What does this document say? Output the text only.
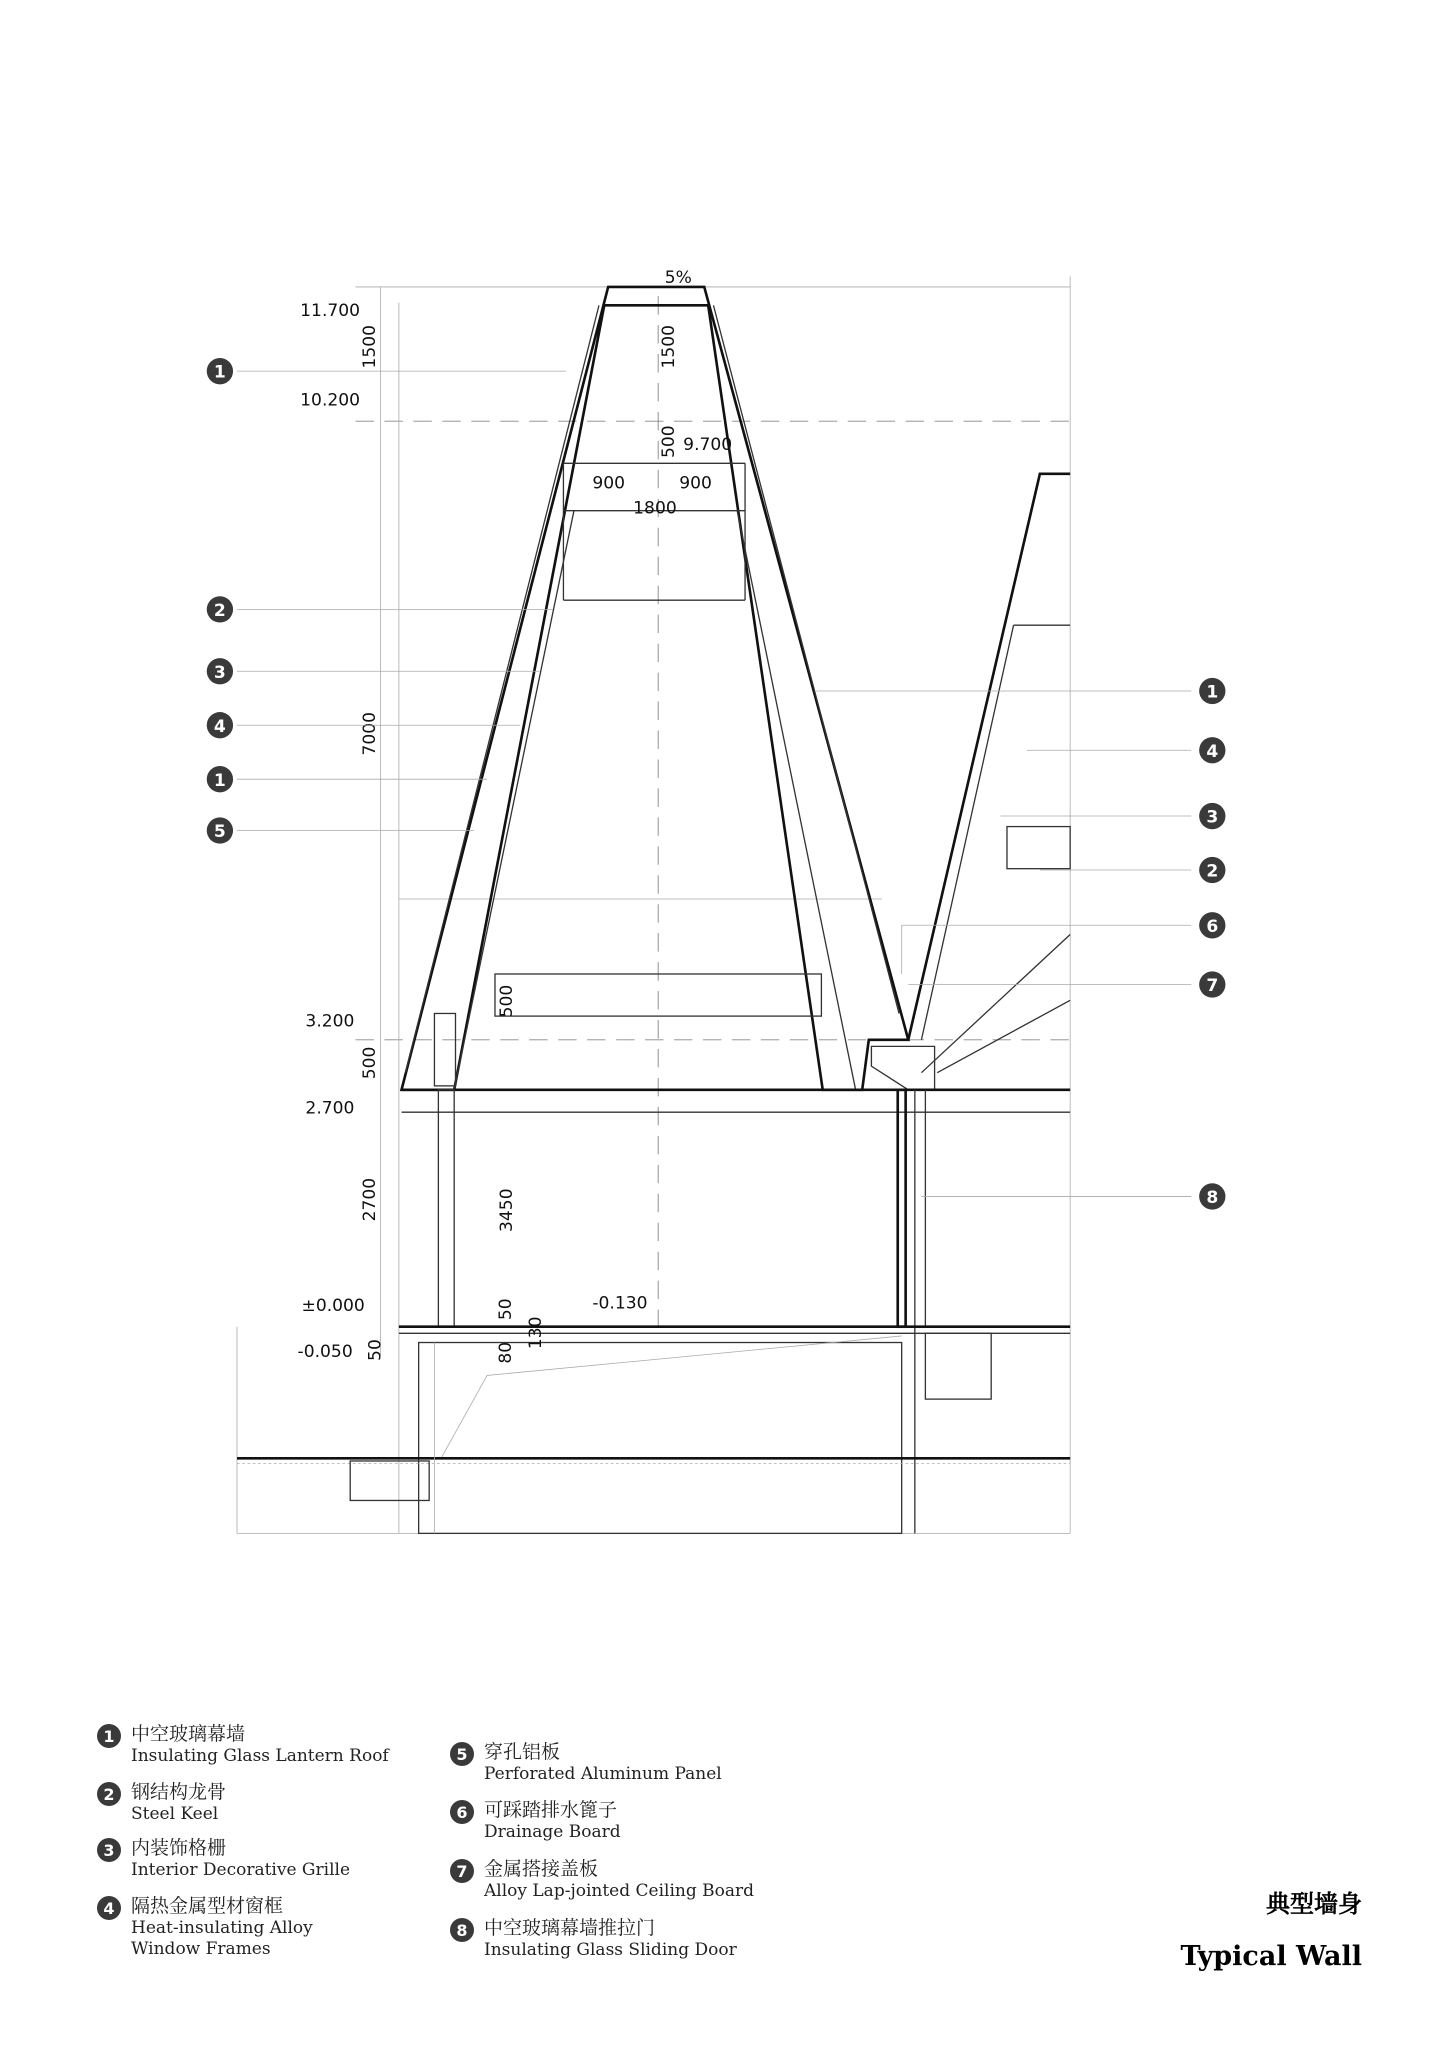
5%
11.700
10.200
9.700
3.200
2.700
±0.000
-0.050
-0.130
1500	1500
500
900	900
1800
7000
500
500
2700	3450
50	80
50
130
1
2
3
4
1
5
1
4
3
2
6
7
8
1 中空玻璃幕墙
Insulating Glass Lantern Roof
2 钢结构龙骨
Steel Keel
3 内装饰格栅
Interior Decorative Grille
4 隔热金属型材窗框
Heat-insulating Alloy Window Frames
5 穿孔铝板
Perforated Aluminum Panel
6 可踩踏排水篦子
Drainage Board
7 金属搭接盖板
Alloy Lap-jointed Ceiling Board
8 中空玻璃幕墙推拉门
Insulating Glass Sliding Door
典型墙身
Typical Wall
